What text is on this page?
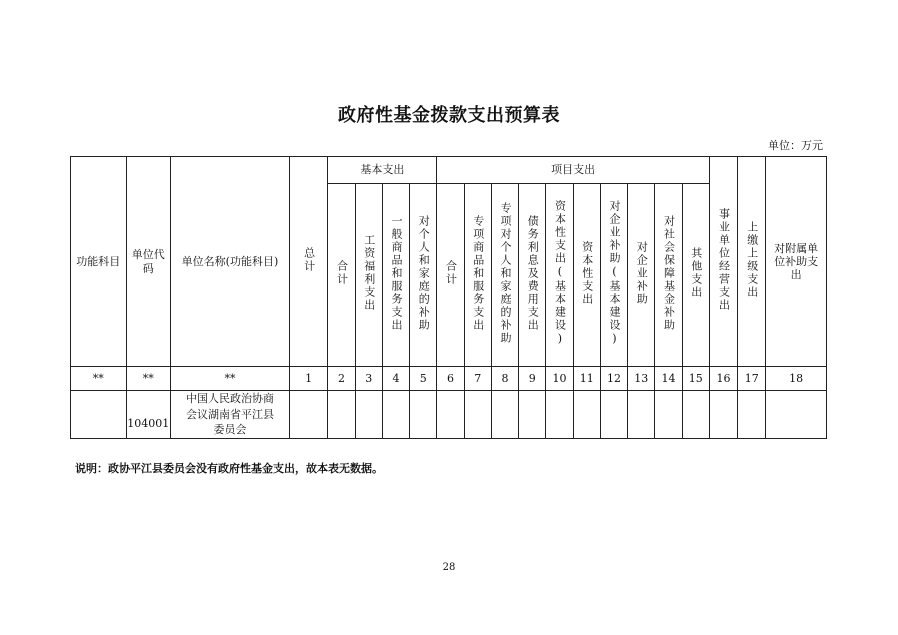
政府性基金拨款支出预算表
单位：万元
功能科目	单位代码	单位名称(功能科目)	总计	基本支出				项目支出										事业单位经营支出	上缴上级支出	对附属单位补助支出
				合计	工资福利支出	一般商品和服务支出	对个人和家庭的补助	合计	专项商品和服务支出	专项对个人和家庭的补助	债务利息及费用支出	资本性支出(基本建设)	资本性支出	对企业补助(基本建设)	对企业补助	对社会保障基金补助	其他支出			
**	**	**	1	2	3	4	5	6	7	8	9	10	11	12	13	14	15	16	17	18
	104001	中国人民政治协商会议湖南省平江县委员会																		

说明：政协平江县委员会没有政府性基金支出，故本表无数据。
28
